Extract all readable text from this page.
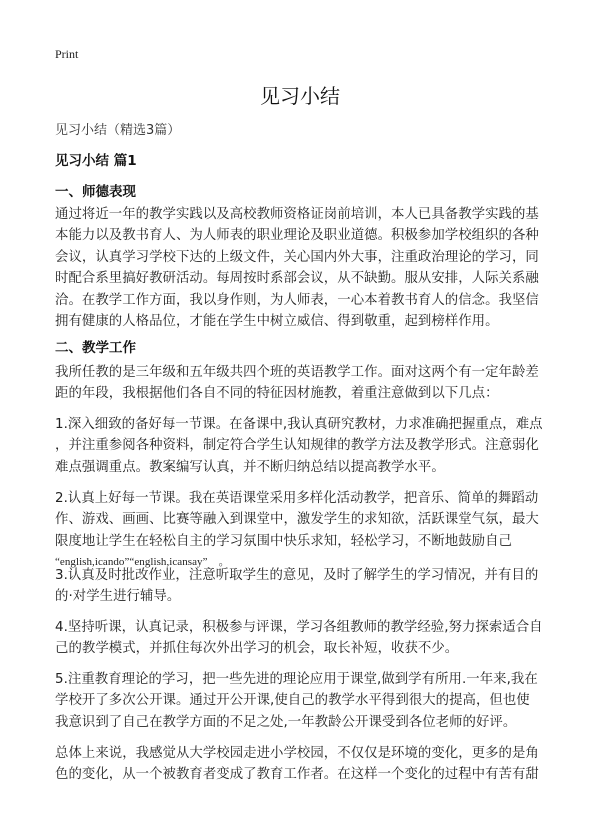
Print
见习小结
见习小结（精选3篇）
见习小结 篇1
一、师德表现
通过将近一年的教学实践以及高校教师资格证岗前培训，本人已具备教学实践的基
本能力以及教书育人、为人师表的职业理论及职业道德。积极参加学校组织的各种
会议，认真学习学校下达的上级文件，关心国内外大事，注重政治理论的学习，同
时配合系里搞好教研活动。每周按时系部会议，从不缺勤。服从安排，人际关系融
洽。在教学工作方面，我以身作则，为人师表，一心本着教书育人的信念。我坚信
拥有健康的人格品位，才能在学生中树立威信、得到敬重，起到榜样作用。
二、教学工作
我所任教的是三年级和五年级共四个班的英语教学工作。面对这两个有一定年龄差
距的年段，我根据他们各自不同的特征因材施教，着重注意做到以下几点：
1.深入细致的备好每一节课。在备课中,我认真研究教材，力求准确把握重点，难点
，并注重参阅各种资料，制定符合学生认知规律的教学方法及教学形式。注意弱化
难点强调重点。教案编写认真，并不断归纳总结以提高教学水平。
2.认真上好每一节课。我在英语课堂采用多样化活动教学，把音乐、简单的舞蹈动
作、游戏、画画、比赛等融入到课堂中，激发学生的求知欲，活跃课堂气氛，最大
限度地让学生在轻松自主的学习氛围中快乐求知，轻松学习，不断地鼓励自己
“english,icando”“english,icansay”　。
3.认真及时批改作业，注意听取学生的意见，及时了解学生的学习情况，并有目的
的·对学生进行辅导。
4.坚持听课，认真记录，积极参与评课，学习各组教师的教学经验,努力探索适合自
己的教学模式，并抓住每次外出学习的机会，取长补短，收获不少。
5.注重教育理论的学习，把一些先进的理论应用于课堂,做到学有所用.一年来,我在
学校开了多次公开课。通过开公开课,使自己的教学水平得到很大的提高，但也使
我意识到了自己在教学方面的不足之处,一年教龄公开课受到各位老师的好评。
总体上来说，我感觉从大学校园走进小学校园，不仅仅是环境的变化，更多的是角
色的变化，从一个被教育者变成了教育工作者。在这样一个变化的过程中有苦有甜
